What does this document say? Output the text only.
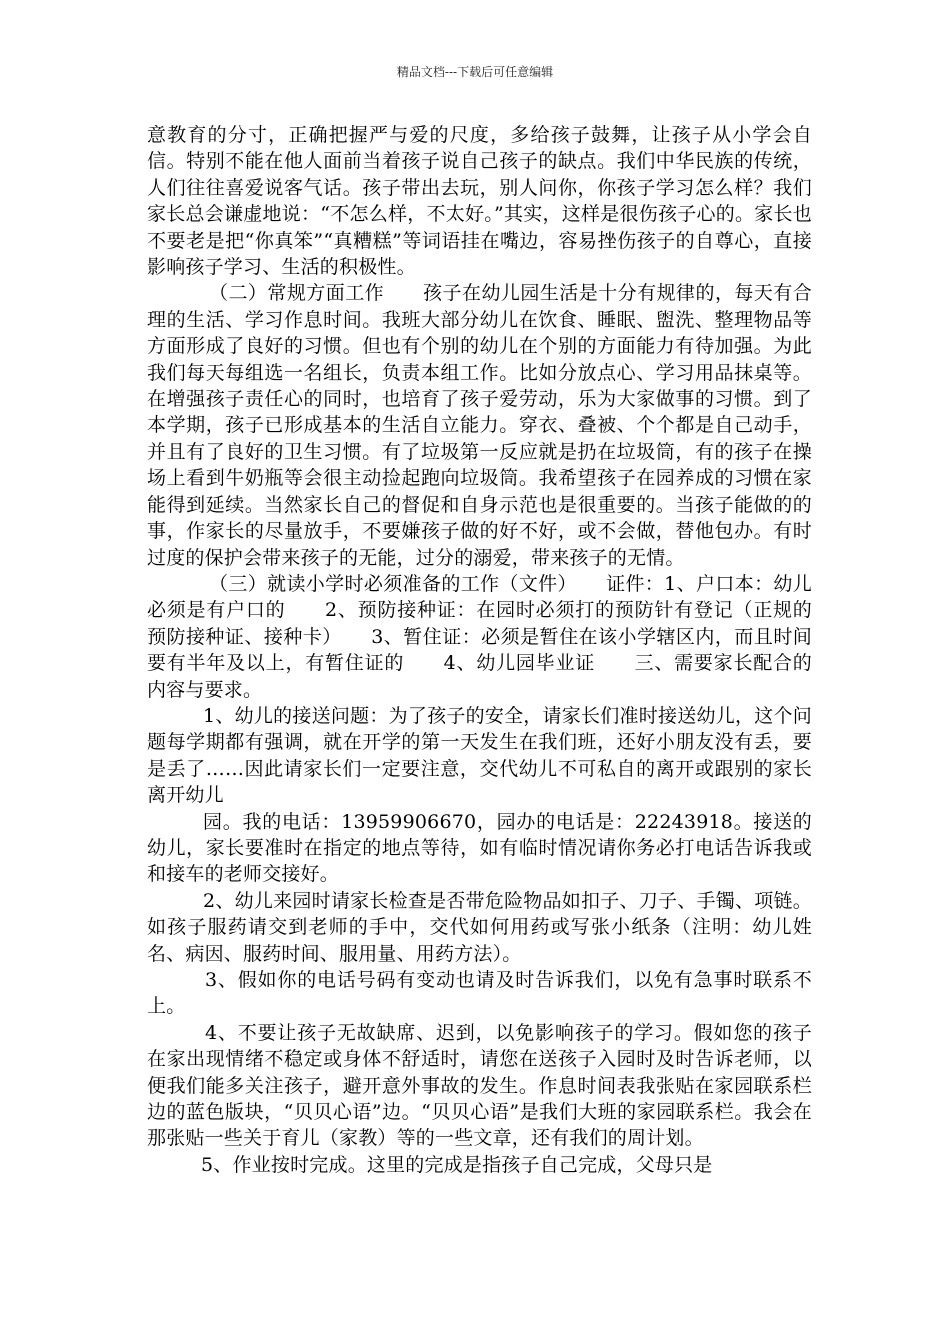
精品文档---下载后可任意编辑

意教育的分寸，正确把握严与爱的尺度，多给孩子鼓舞，让孩子从小学会自信。特别不能在他人面前当着孩子说自己孩子的缺点。我们中华民族的传统，人们往往喜爱说客气话。孩子带出去玩，别人问你，你孩子学习怎么样？我们家长总会谦虚地说：“不怎么样，不太好。”其实，这样是很伤孩子心的。家长也不要老是把“你真笨”“真糟糕”等词语挂在嘴边，容易挫伤孩子的自尊心，直接影响孩子学习、生活的积极性。

（二）常规方面工作　　孩子在幼儿园生活是十分有规律的，每天有合理的生活、学习作息时间。我班大部分幼儿在饮食、睡眠、盥洗、整理物品等方面形成了良好的习惯。但也有个别的幼儿在个别的方面能力有待加强。为此我们每天每组选一名组长，负责本组工作。比如分放点心、学习用品抹桌等。在增强孩子责任心的同时，也培育了孩子爱劳动，乐为大家做事的习惯。到了本学期，孩子已形成基本的生活自立能力。穿衣、叠被、个个都是自己动手，并且有了良好的卫生习惯。有了垃圾第一反应就是扔在垃圾筒，有的孩子在操场上看到牛奶瓶等会很主动捡起跑向垃圾筒。我希望孩子在园养成的习惯在家能得到延续。当然家长自己的督促和自身示范也是很重要的。当孩子能做的的事，作家长的尽量放手，不要嫌孩子做的好不好，或不会做，替他包办。有时过度的保护会带来孩子的无能，过分的溺爱，带来孩子的无情。

（三）就读小学时必须准备的工作（文件）　　证件：1、户口本：幼儿必须是有户口的　　2、预防接种证：在园时必须打的预防针有登记（正规的预防接种证、接种卡）　　3、暂住证：必须是暂住在该小学辖区内，而且时间要有半年及以上，有暂住证的　　4、幼儿园毕业证　　三、需要家长配合的内容与要求。

1、幼儿的接送问题：为了孩子的安全，请家长们准时接送幼儿，这个问题每学期都有强调，就在开学的第一天发生在我们班，还好小朋友没有丢，要是丢了……因此请家长们一定要注意，交代幼儿不可私自的离开或跟别的家长离开幼儿

园。我的电话：13959906670，园办的电话是：22243918。接送的幼儿，家长要准时在指定的地点等待，如有临时情况请你务必打电话告诉我或和接车的老师交接好。

2、幼儿来园时请家长检查是否带危险物品如扣子、刀子、手镯、项链。如孩子服药请交到老师的手中，交代如何用药或写张小纸条（注明：幼儿姓名、病因、服药时间、服用量、用药方法）。

3、假如你的电话号码有变动也请及时告诉我们，以免有急事时联系不上。

4、不要让孩子无故缺席、迟到，以免影响孩子的学习。假如您的孩子在家出现情绪不稳定或身体不舒适时，请您在送孩子入园时及时告诉老师，以便我们能多关注孩子，避开意外事故的发生。作息时间表我张贴在家园联系栏边的蓝色版块，“贝贝心语”边。“贝贝心语”是我们大班的家园联系栏。我会在那张贴一些关于育儿（家教）等的一些文章，还有我们的周计划。

5、作业按时完成。这里的完成是指孩子自己完成，父母只是
